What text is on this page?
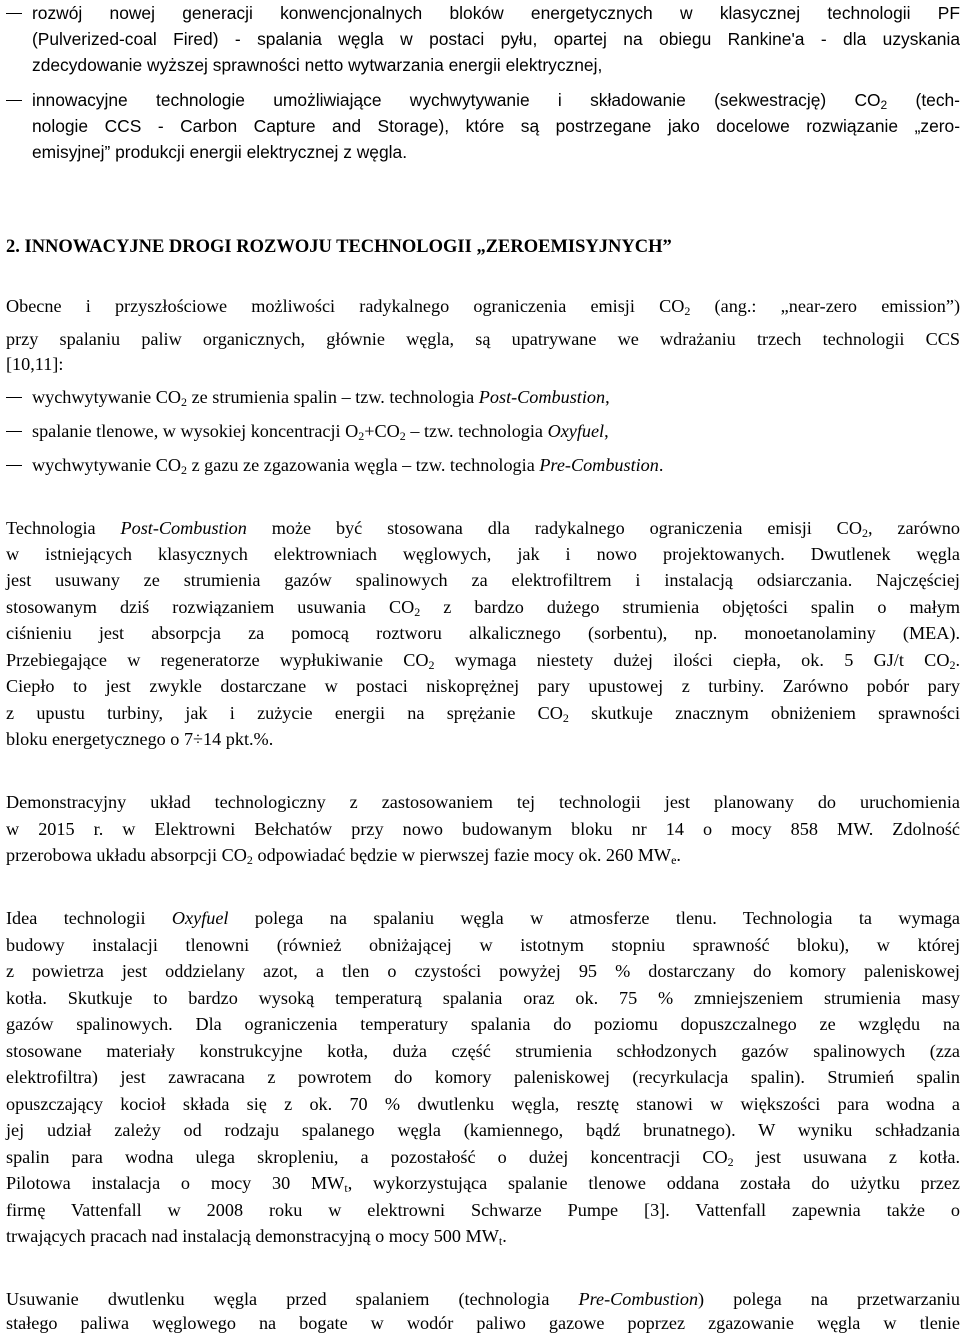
rozwój nowej generacji konwencjonalnych bloków energetycznych w klasycznej technologii PF
(Pulverized-coal Fired) - spalania węgla w postaci pyłu, opartej na obiegu Rankine'a - dla uzyskania
zdecydowanie wyższej sprawności netto wytwarzania energii elektrycznej,
innowacyjne technologie umożliwiające wychwytywanie i składowanie (sekwestrację) $CO_2$ (tech-
nologie CCS - Carbon Capture and Storage), które są postrzegane jako docelowe rozwiązanie „zero-
emisyjnej” produkcji energii elektrycznej z węgla.
2. INNOWACYJNE DROGI ROZWOJU TECHNOLOGII „ZEROEMISYJNYCH”
Obecne i przyszłościowe możliwości radykalnego ograniczenia emisji $CO_2$ (ang.: „near-zero emission”)
przy spalaniu paliw organicznych, głównie węgla, są upatrywane we wdrażaniu trzech technologii CCS
[10,11]:
wychwytywanie $CO_2$ ze strumienia spalin – tzw. technologia Post-Combustion,
spalanie tlenowe, w wysokiej koncentracji $O_2+CO_2$ – tzw. technologia Oxyfuel,
wychwytywanie $CO_2$ z gazu ze zgazowania węgla – tzw. technologia Pre-Combustion.
Technologia Post-Combustion może być stosowana dla radykalnego ograniczenia emisji $CO_2$, zarówno
w istniejących klasycznych elektrowniach węglowych, jak i nowo projektowanych. Dwutlenek węgla
jest usuwany ze strumienia gazów spalinowych za elektrofiltrem i instalacją odsiarczania. Najczęściej
stosowanym dziś rozwiązaniem usuwania $CO_2$ z bardzo dużego strumienia objętości spalin o małym
ciśnieniu jest absorpcja za pomocą roztworu alkalicznego (sorbentu), np. monoetanolaminy (MEA).
Przebiegające w regeneratorze wypłukiwanie $CO_2$ wymaga niestety dużej ilości ciepła, ok. 5 GJ/t $CO_2$.
Ciepło to jest zwykle dostarczane w postaci niskoprężnej pary upustowej z turbiny. Zarówno pobór pary
z upustu turbiny, jak i zużycie energii na sprężanie $CO_2$ skutkuje znacznym obniżeniem sprawności
bloku energetycznego o 7÷14 pkt.%.
Demonstracyjny układ technologiczny z zastosowaniem tej technologii jest planowany do uruchomienia
w 2015 r. w Elektrowni Bełchatów przy nowo budowanym bloku nr 14 o mocy 858 MW. Zdolność
przerobowa układu absorpcji $CO_2$ odpowiadać będzie w pierwszej fazie mocy ok. 260 $MW_e$.
Idea technologii Oxyfuel polega na spalaniu węgla w atmosferze tlenu. Technologia ta wymaga
budowy instalacji tlenowni (również obniżającej w istotnym stopniu sprawność bloku), w której
z powietrza jest oddzielany azot, a tlen o czystości powyżej 95 % dostarczany do komory paleniskowej
kotła. Skutkuje to bardzo wysoką temperaturą spalania oraz ok. 75 % zmniejszeniem strumienia masy
gazów spalinowych. Dla ograniczenia temperatury spalania do poziomu dopuszczalnego ze względu na
stosowane materiały konstrukcyjne kotła, duża część strumienia schłodzonych gazów spalinowych (zza
elektrofiltra) jest zawracana z powrotem do komory paleniskowej (recyrkulacja spalin). Strumień spalin
opuszczający kocioł składa się z ok. 70 % dwutlenku węgla, resztę stanowi w większości para wodna a
jej udział zależy od rodzaju spalanego węgla (kamiennego, bądź brunatnego). W wyniku schładzania
spalin para wodna ulega skropleniu, a pozostałość o dużej koncentracji $CO_2$ jest usuwana z kotła.
Pilotowa instalacja o mocy 30 $MW_t$, wykorzystująca spalanie tlenowe oddana została do użytku przez
firmę Vattenfall w 2008 roku w elektrowni Schwarze Pumpe [3]. Vattenfall zapewnia także o
trwających pracach nad instalacją demonstracyjną o mocy 500 $MW_t$.
Usuwanie dwutlenku węgla przed spalaniem (technologia Pre-Combustion) polega na przetwarzaniu
stałego paliwa węglowego na bogate w wodór paliwo gazowe poprzez zgazowanie węgla w tlenie
